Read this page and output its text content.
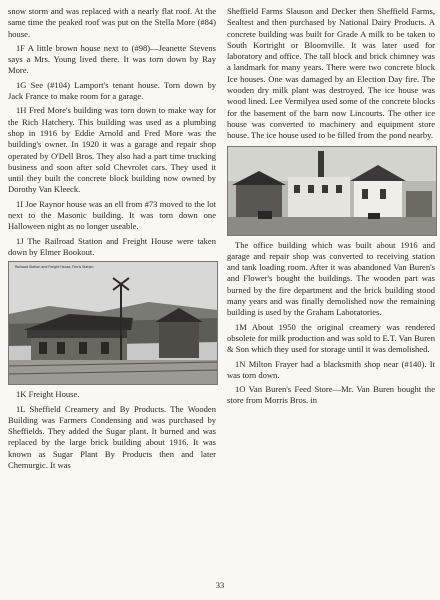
snow storm and was replaced with a nearly flat roof. At the same time the peaked roof was put on the Stella More (#84) house.

1F A little brown house next to (#98)—Jeanette Stevens says a Mrs. Young lived there. It was torn down by Ray More.

1G See (#104) Lamport's tenant house. Torn down by Jack France to make room for a garage.

1H Fred More's building was torn down to make way for the Rich Hatchery. This building was used as a plumbing shop in 1916 by Eddie Arnold and Fred More was the building's owner. In 1920 it was a garage and repair shop operated by O'Dell Bros. They also had a part time trucking business and soon after sold Chevrolet cars. They used it until they built the concrete block building now owned by Dorothy Van Kleeck.

1I Joe Raynor house was an ell from #73 moved to the lot next to the Masonic building. It was torn down one Halloween night as no longer useable.

1J The Railroad Station and Freight House were taken down by Elmer Bookout.

Railroad Station and Freight House, Ferris Station

1K Freight House.

1L Sheffield Creamery and By Products. The Wooden Building was Farmers Condensing and was purchased by Sheffields. They added the Sugar plant. It burned and was replaced by the large brick building about 1916. It was known as Sugar Plant By Products then and later Chemurgic. It was

Sheffield Farms Slauson and Decker then Sheffield Farms, Sealtest and then purchased by National Dairy Products. A concrete building was built for Grade A milk to be taken to South Kortright or Bloomville. It was later used for laboratory and office. The tall block and brick chimney was a landmark for many years. There were two concrete block Ice houses. One was damaged by an Election Day fire. The wooden dry milk plant was destroyed. The ice house was wood lined. Lee Vermilyea used some of the concrete blocks for the basement of the barn now Lincourts. The other ice house was converted to machinery and equipment store house. The ice house used to be filled from the pond nearby.

The office building which was built about 1916 and garage and repair shop was converted to receiving station and tank loading room. After it was abandoned Van Buren's and Flower's bought the buildings. The wooden part was burned by the fire department and the brick building stood many years and was finally demolished now the remaining building is used by the Graham Laboratories.

1M About 1950 the original creamery was rendered obsolete for milk production and was sold to E.T. Van Buren & Son which they used for storage until it was demolished.

1N Milton Frayer had a blacksmith shop near (#140). It was torn down.

1O Van Buren's Feed Store—Mr. Van Buren bought the store from Morris Bros. in

33
